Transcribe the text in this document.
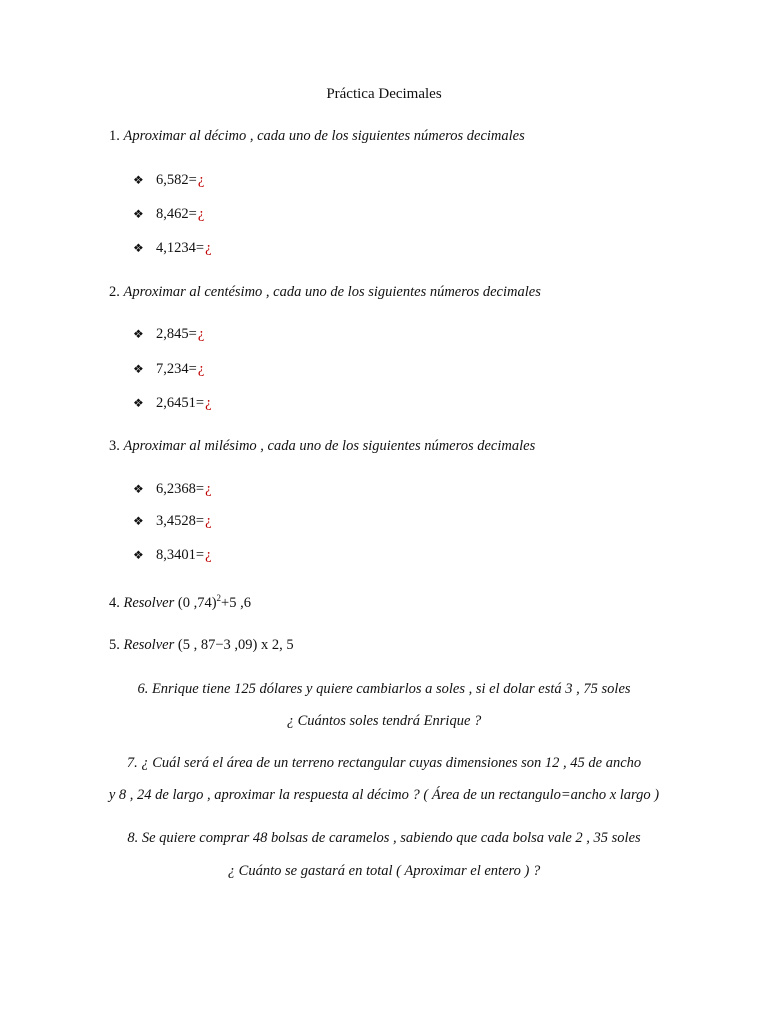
Práctica Decimales
1. Aproximar al décimo , cada uno de los siguientes números decimales
❖ 6,582= ¿
❖ 8,462= ¿
❖ 4,1234= ¿
2. Aproximar al centésimo , cada uno de los siguientes números decimales
❖ 2,845= ¿
❖ 7,234= ¿
❖ 2,6451= ¿
3. Aproximar al milésimo , cada uno de los siguientes números decimales
❖ 6,2368= ¿
❖ 3,4528= ¿
❖ 8,3401= ¿
4. Resolver (0 ,74)$^2$+5 ,6
5. Resolver (5 , 87−3 ,09) x 2, 5
6. Enrique tiene 125 dólares y quiere cambiarlos a soles , si el dolar está 3 , 75 soles
¿ Cuántos soles tendrá Enrique ?
7. ¿ Cuál será el área de un terreno rectangular cuyas dimensiones son 12 , 45 de ancho
y 8 , 24 de largo , aproximar la respuesta al décimo ? ( Área de un rectangulo=ancho x largo )
8. Se quiere comprar 48 bolsas de caramelos , sabiendo que cada bolsa vale 2 , 35 soles
¿ Cuánto se gastará en total ( Aproximar el entero ) ?
